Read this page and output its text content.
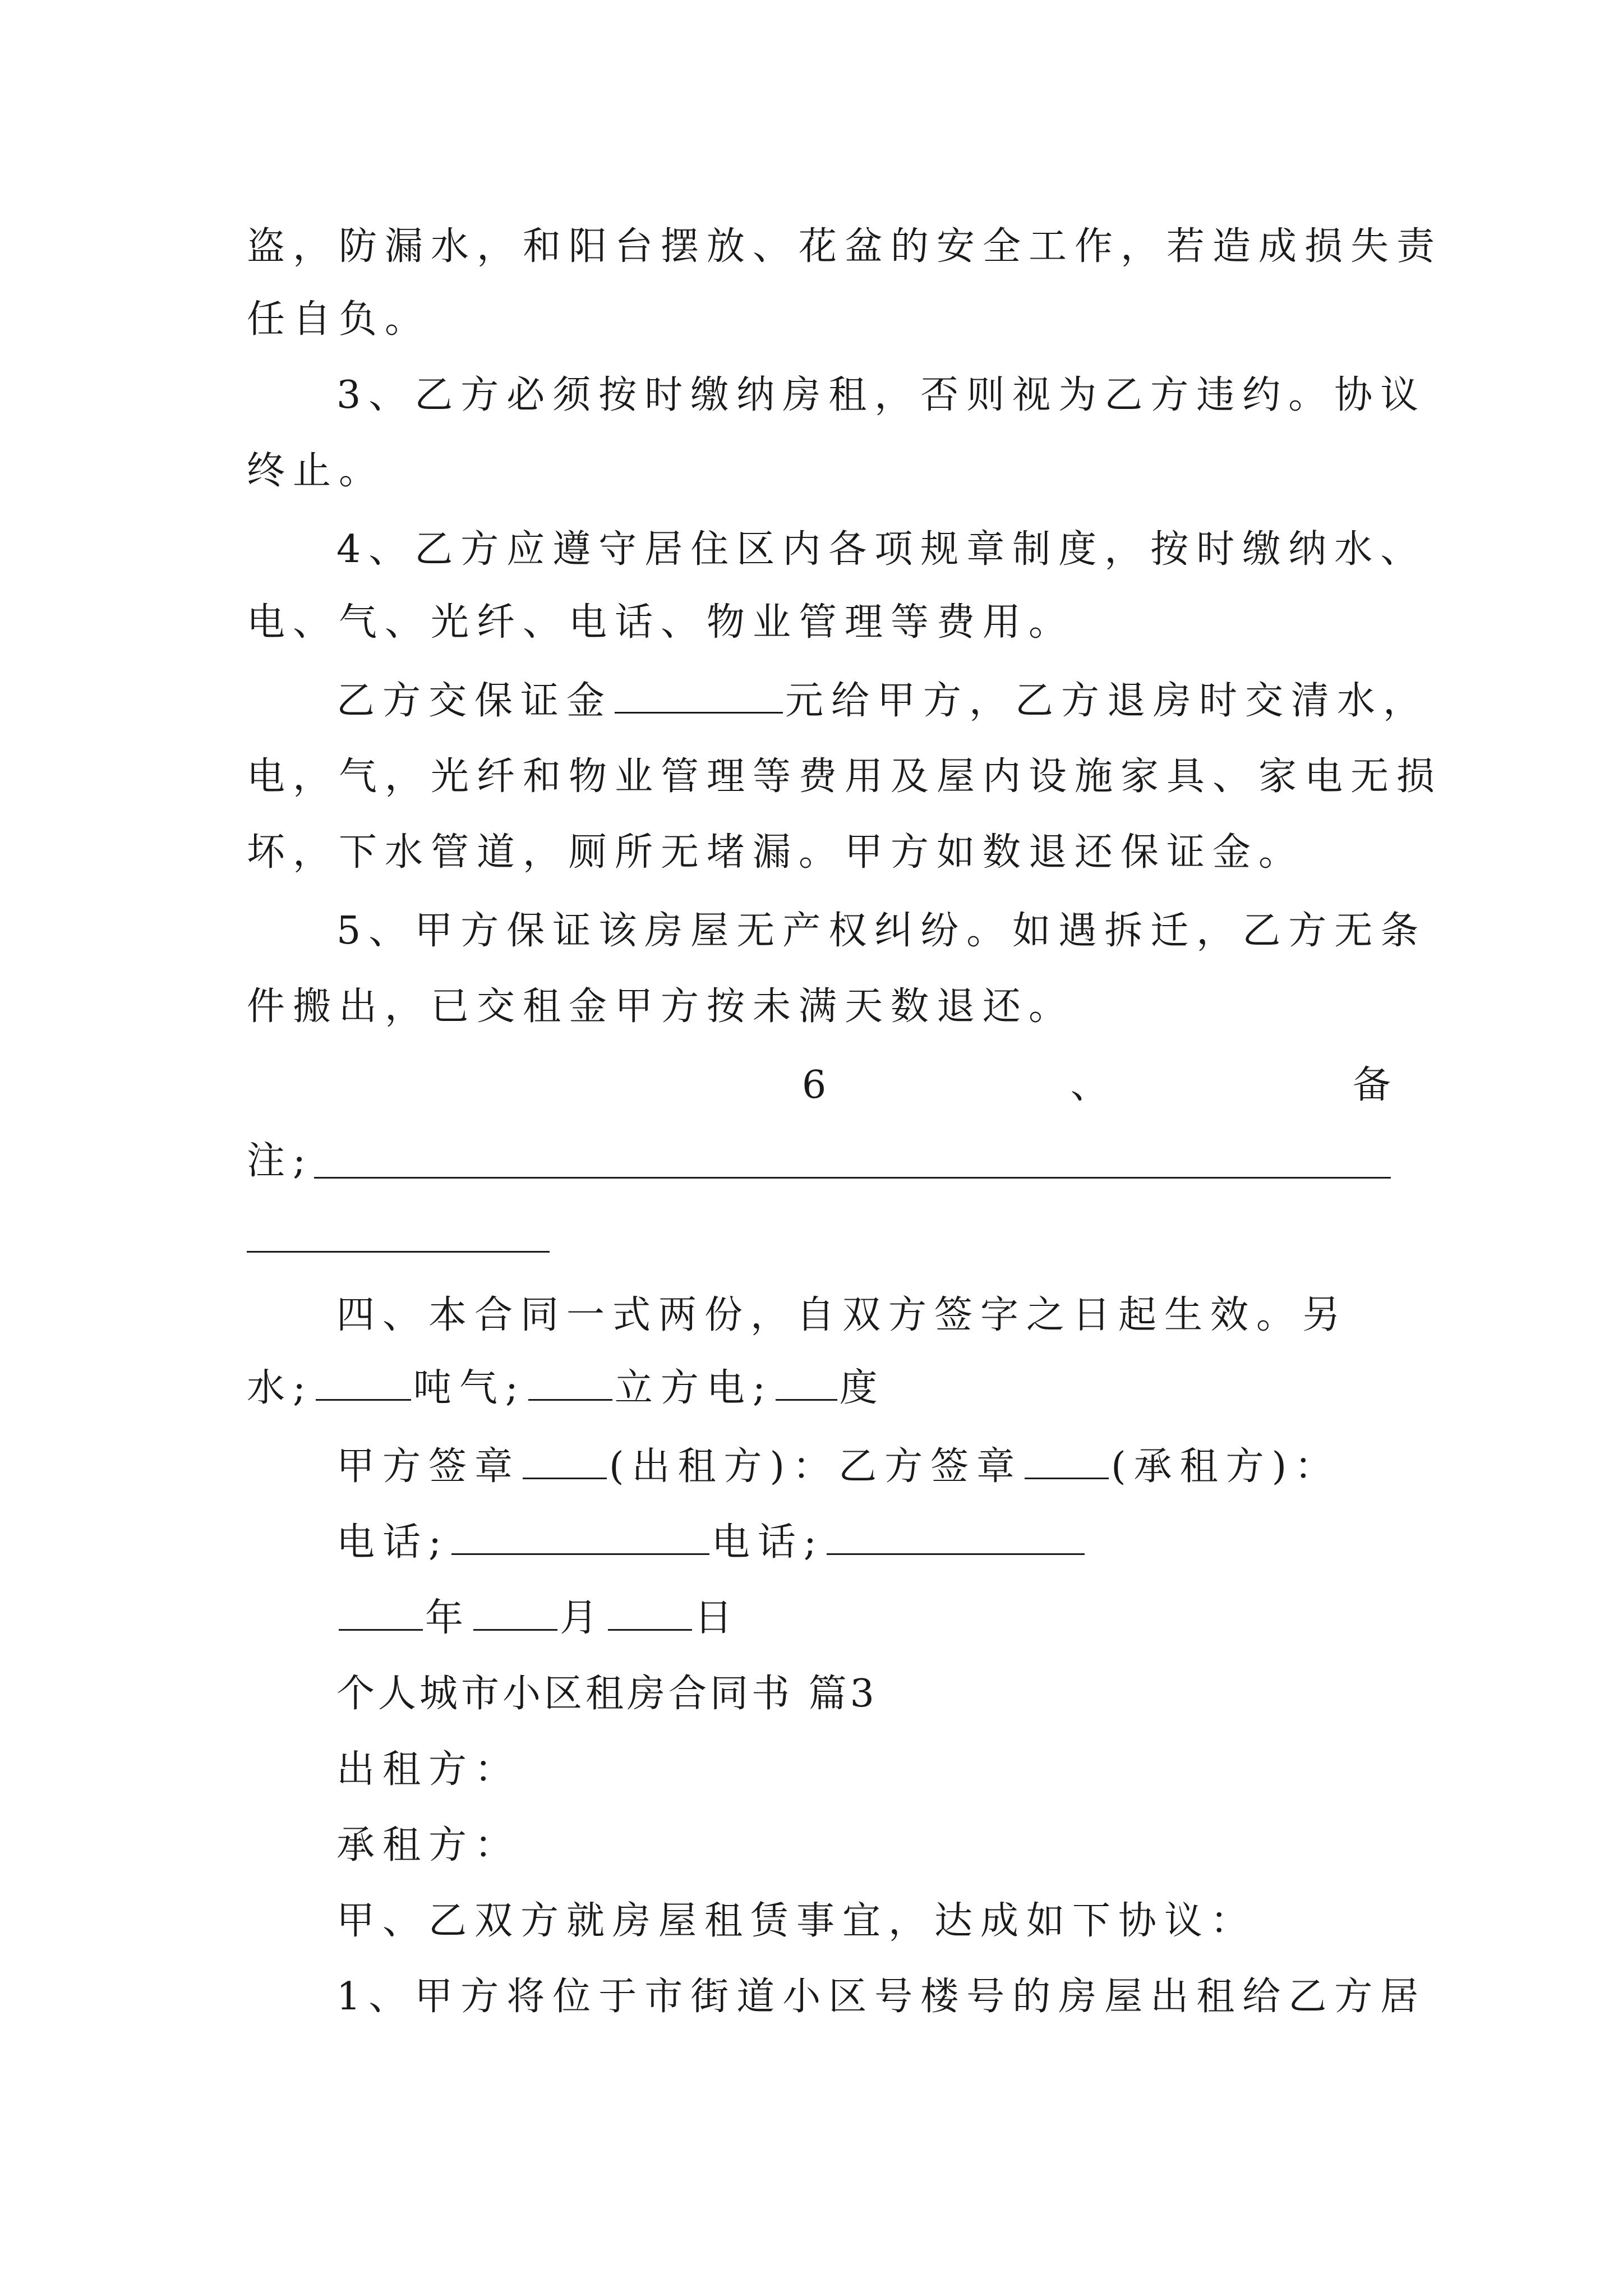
盗，防漏水，和阳台摆放、花盆的安全工作，若造成损失责
任自负。
3、乙方必须按时缴纳房租，否则视为乙方违约。协议
终止。
4、乙方应遵守居住区内各项规章制度，按时缴纳水、
电、气、光纤、电话、物业管理等费用。
乙方交保证金	元给甲方，乙方退房时交清水，
电，气，光纤和物业管理等费用及屋内设施家具、家电无损
坏，下水管道，厕所无堵漏。甲方如数退还保证金。
5、甲方保证该房屋无产权纠纷。如遇拆迁，乙方无条
件搬出，已交租金甲方按未满天数退还。
6	、	备
注;
四、本合同一式两份，自双方签字之日起生效。另
水;	吨气; 立方电; 度
甲方签章 (出租方)：乙方签章 (承租方)：
电话;	电话;
年 月 日
个人城市小区租房合同书 篇3
出租方：
承租方：
甲、乙双方就房屋租赁事宜，达成如下协议：
1、甲方将位于市街道小区号楼号的房屋出租给乙方居
